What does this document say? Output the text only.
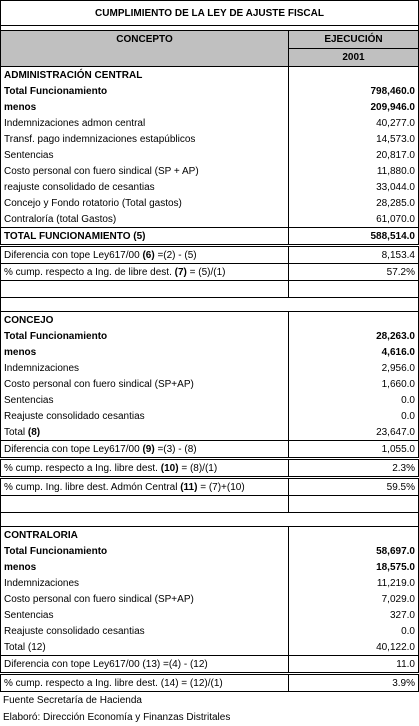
CUMPLIMIENTO DE LA LEY DE AJUSTE FISCAL	

CONCEPTO	EJECUCIÓN
	2001
ADMINISTRACIÓN CENTRAL	
Total Funcionamiento	798,460.0
menos	209,946.0
Indemnizaciones admon central	40,277.0
Transf. pago indemnizaciones estapúblicos	14,573.0
Sentencias	20,817.0
Costo personal con fuero sindical (SP + AP)	11,880.0
reajuste consolidado de cesantias	33,044.0
Concejo y Fondo rotatorio (Total gastos)	28,285.0
Contraloría (total Gastos)	61,070.0
TOTAL FUNCIONAMIENTO (5)	588,514.0
Diferencia con tope Ley617/00 (6) =(2) - (5)	8,153.4
% cump. respecto a Ing. de libre dest. (7) = (5)/(1)	57.2%

CONCEJO	
Total Funcionamiento	28,263.0
menos	4,616.0
Indemnizaciones	2,956.0
Costo personal con fuero sindical (SP+AP)	1,660.0
Sentencias	0.0
Reajuste consolidado cesantias	0.0
Total (8)	23,647.0
Diferencia con tope Ley617/00 (9) =(3) - (8)	1,055.0
% cump. respecto a Ing. libre dest. (10) = (8)/(1)	2.3%
% cump. Ing. libre dest. Admón Central (11) = (7)+(10)	59.5%

CONTRALORIA	
Total Funcionamiento	58,697.0
menos	18,575.0
Indemnizaciones	11,219.0
Costo personal con fuero sindical (SP+AP)	7,029.0
Sentencias	327.0
Reajuste consolidado cesantias	0.0
Total (12)	40,122.0
Diferencia con tope Ley617/00 (13) =(4) - (12)	11.0
% cump. respecto a Ing. libre dest. (14) = (12)/(1)	3.9%
Fuente Secretaría de Hacienda
Elaboró: Dirección Economía y Finanzas Distritales
